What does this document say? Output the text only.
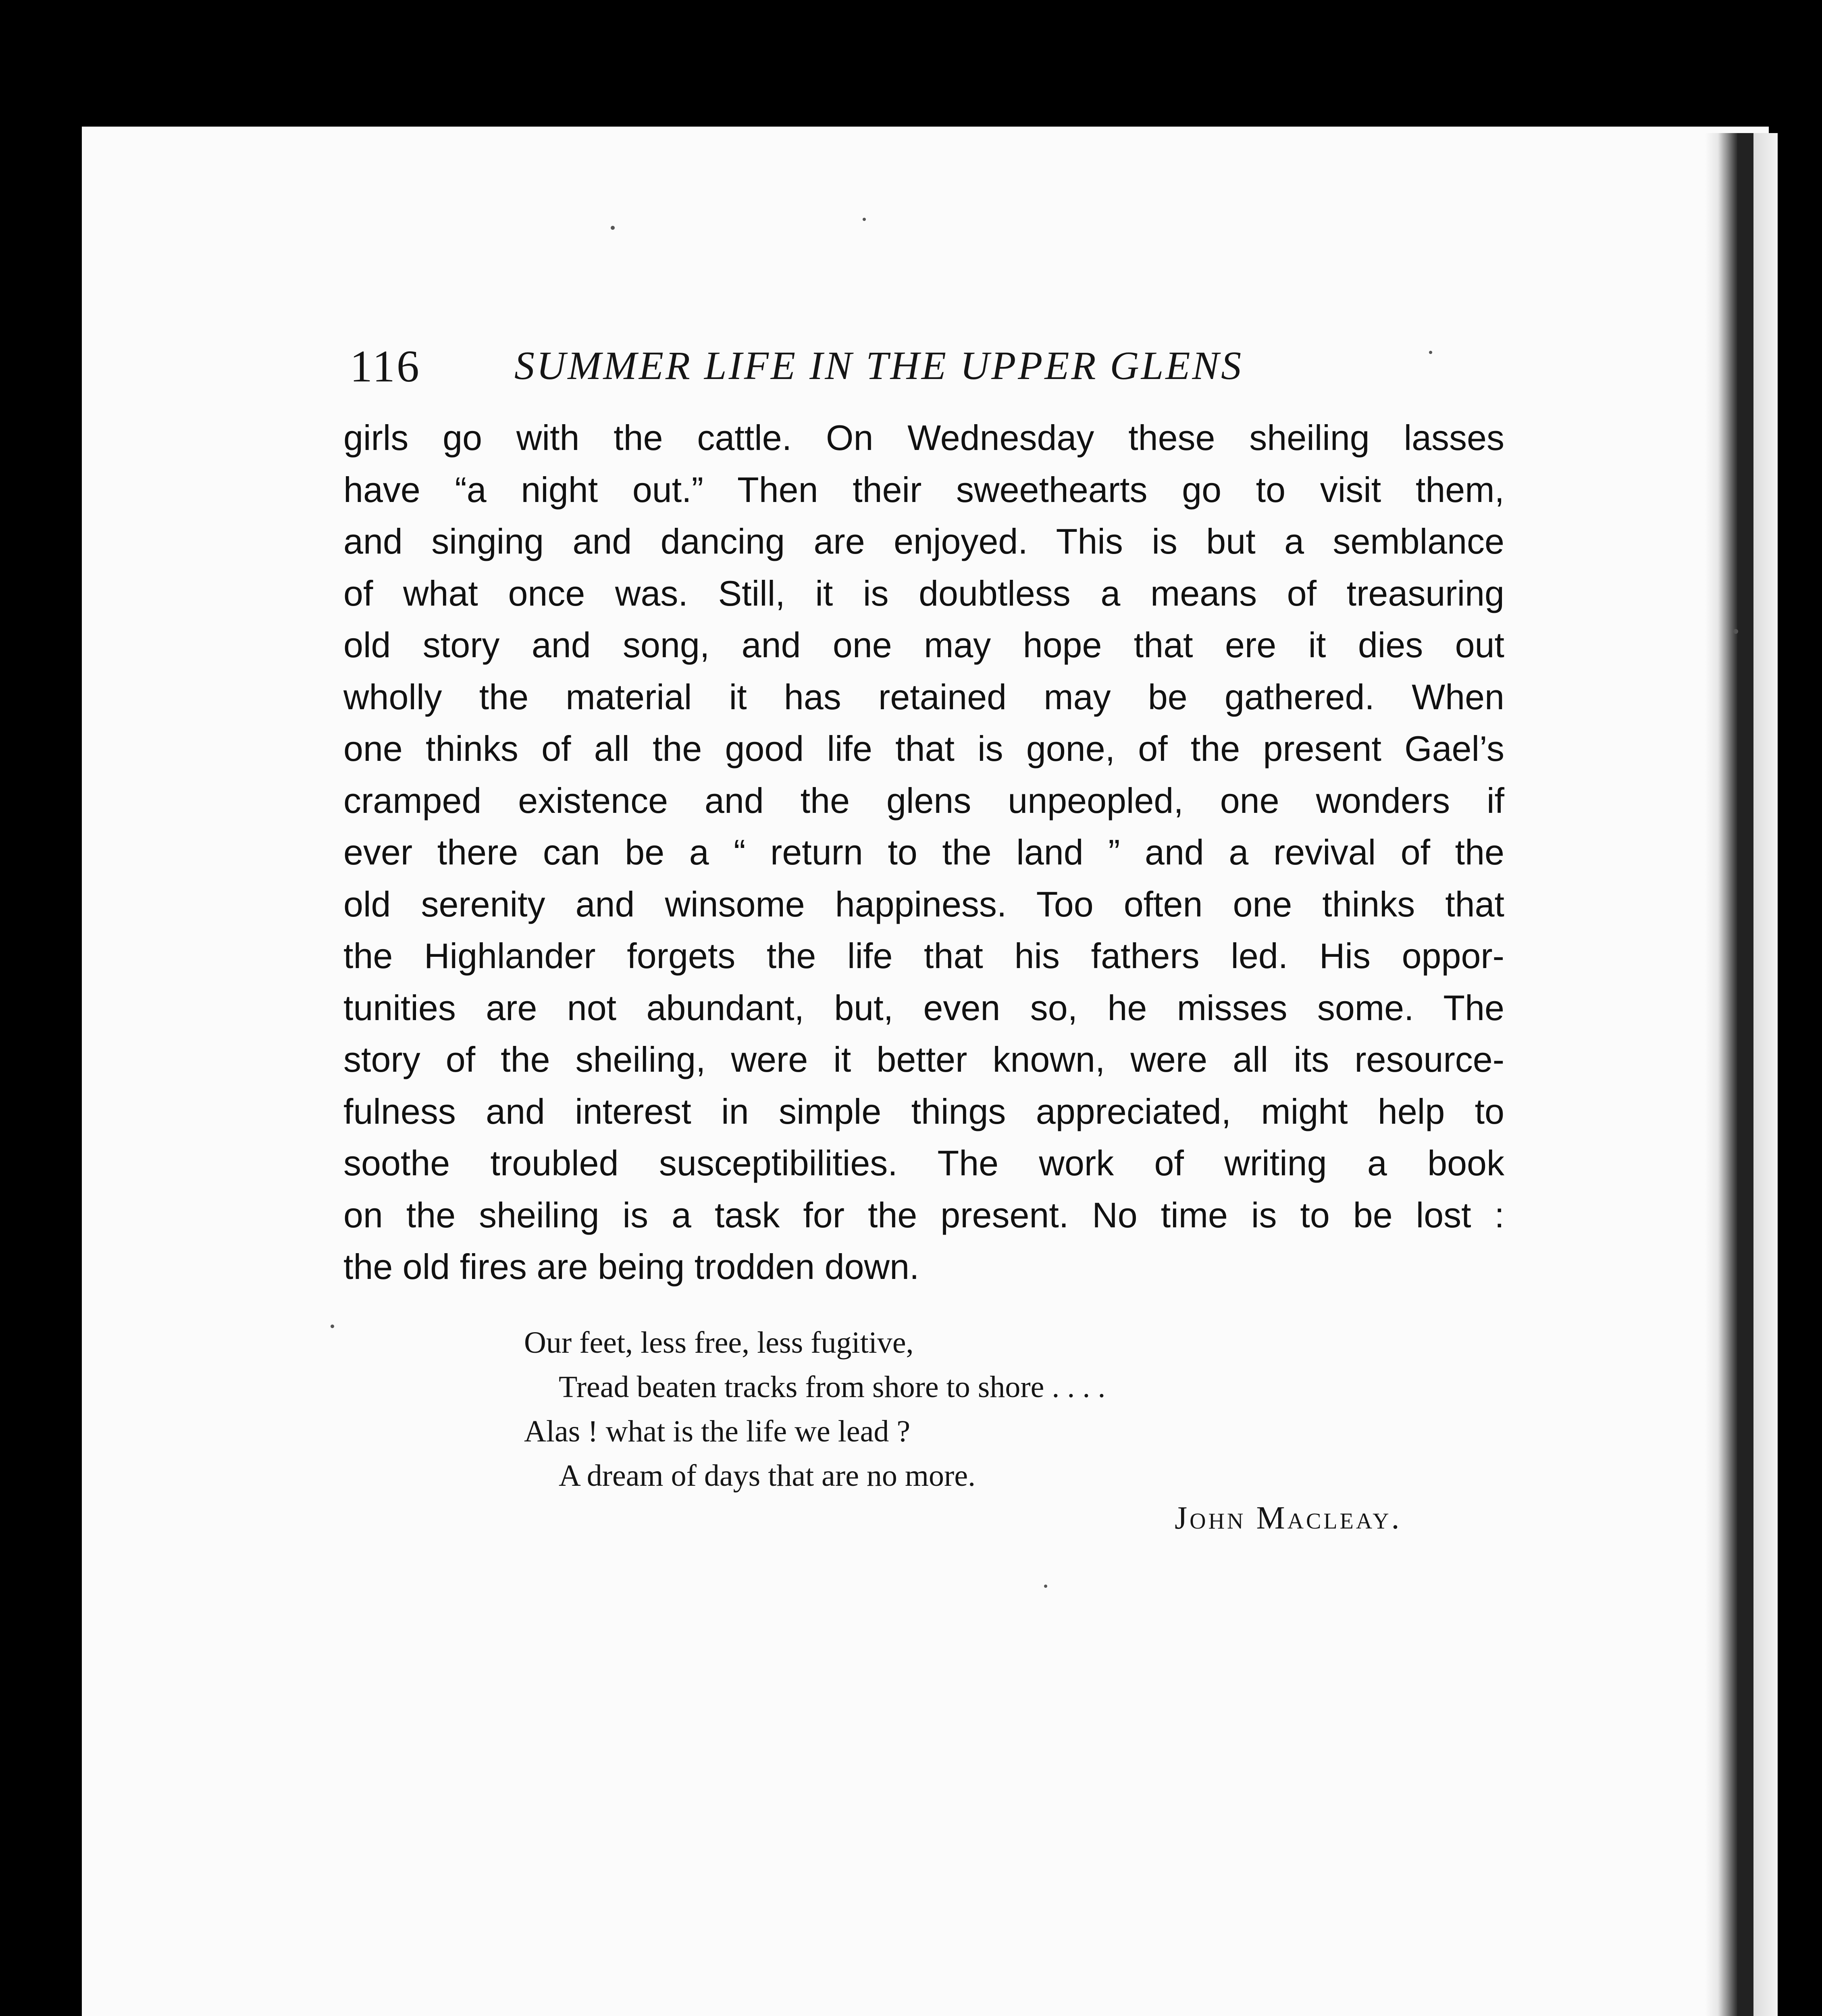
116 SUMMER LIFE IN THE UPPER GLENS
girls go with the cattle. On Wednesday these sheiling lasses
have “a night out.” Then their sweethearts go to visit them,
and singing and dancing are enjoyed. This is but a semblance
of what once was. Still, it is doubtless a means of treasuring
old story and song, and one may hope that ere it dies out
wholly the material it has retained may be gathered. When
one thinks of all the good life that is gone, of the present Gael’s
cramped existence and the glens unpeopled, one wonders if
ever there can be a “ return to the land ” and a revival of the
old serenity and winsome happiness. Too often one thinks that
the Highlander forgets the life that his fathers led. His oppor-
tunities are not abundant, but, even so, he misses some. The
story of the sheiling, were it better known, were all its resource-
fulness and interest in simple things appreciated, might help to
soothe troubled susceptibilities. The work of writing a book
on the sheiling is a task for the present. No time is to be lost :
the old fires are being trodden down.
Our feet, less free, less fugitive,
Tread beaten tracks from shore to shore . . . .
Alas ! what is the life we lead ?
A dream of days that are no more.
John Macleay.
